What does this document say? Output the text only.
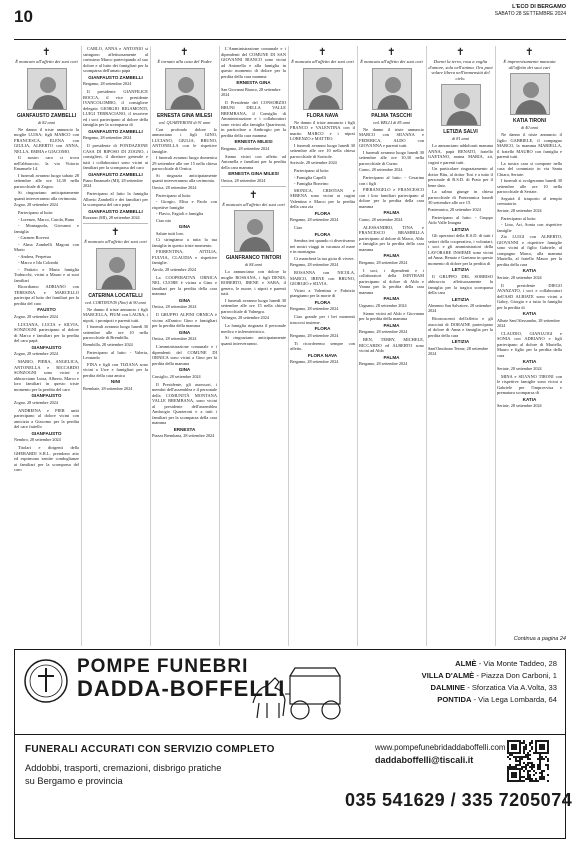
10	L'ECO DI BERGAMO
SABATO 28 SETTEMBRE 2024
✝
È mancato all'affetto dei suoi cari
GIANFAUSTO ZAMBELLI
di 82 anni
Ne danno il triste annuncio la moglie LUISA; figli MARCO con FRANCESCA, ELENA con GIULIA, ALBERTO con ANNA, NELLA, EMMA e GIACOMO.
Il nostro caro ci trova nell'abbraccio, la via Vittorio Emanuele 14.
I funerali avranno luogo sabato 28 settembre alle ore 14,30 nella parrocchiale di Zogno.
Si ringraziano anticipatamente quanti interverranno alla cerimonia.
Zogno, 28 settembre 2024
Partecipano al lutto:
- Lorenzo, Marco, Carola, Rana
- Montagnola, Giovanni e famiglia
- Carmen Roversi
- Alma Zambelli Magoni con Mario
- Andrea, Perpetua
- Marco e Ida Colombi
- Pattizio e Maria famiglia Trabucchi, vicini a Mauro e ai suoi familiari
Ricordiamo ADRIANO con TERESINA e MARCELLO partecipa al lutto dei familiari per la perdita del caro
FAUSTO
Zogno, 28 settembre 2024
LUCIANA, LUCIA e SILVIA, SONZOGNI partecipano al dolore di Marco e familiari per la perdita del caro papà
GIANFAUSTO
Zogno, 28 settembre 2024
MARIO, PIERA, ANGELICA, ANTONELLA e RICCARDO SONZOGNI sono vicini e abbracciano Luisa, Alberto, Marco e loro familiari in questo triste momento per la perdita del caro
GIANFAUSTO
Zogno, 28 settembre 2024
ANDREINA e PIER uniti partecipano al dolore vicini con amicizia a Giacomo per la perdita del caro fratello
GIANFAUSTO
Nembro, 28 settembre 2024
Titolari e dirigenti della GHERARDI S.R.L. prendono atto ed esprimono sentite condoglianze ai familiari per la scomparsa del caro
CARLO, ANNA e ANTONIO si stringono affettuosamente al carissimo Marco partecipando al suo dolore e al lutto dei famigliari per la scomparsa dell'amato papà
GIANFAUSTO ZAMBELLI
Bergamo, 28 settembre 2024
Il presidente GIANFILICE BOCCA, il vice presidente IVANCOLOMBO, il consigliere delegato GIORGIO RIGAMONTI, LUIGI TERRACIANO, il tesoriere ed i soci partecipano al dolore della famiglia per la scomparsa di
GIANFAUSTO ZAMBELLI
Bergamo, 28 settembre 2024
Il presidente di FONDAZIONE CASA DI RIPOSO DI ZOGNO, i consiglieri, il direttore generale e tutti i collaboratori sono vicini ai familiari per la scomparsa del caro
GIANFAUSTO ZAMBELLI
Piano Emanuele (MI), 28 settembre 2024
Partecipano al lutto la famiglia Alberto Zambelli e dei familiari per la scomparsa del caro papà
GIANFAUSTO ZAMBELLI
Rozzano (MI), 28 settembre 2024
✝
È mancato all'affetto dei suoi cari
CATERINA LOCATELLI
ved. CORTINOVIS (Nini) di 90 anni
Ne danno il triste annuncio i figli MARCELLA, PIUM con LAURA, i nipoti, i pronipoti e parenti tutti.
I funerali avranno luogo lunedì 30 settembre alle ore 10 nella parrocchiale di Brembilla.
Brembilla, 28 settembre 2024
Partecipano al lutto: - Valeria, Leonardo
FINA e figli con TIZIANA sono vicini a Uwe e famigliari per la perdita della cara amica
NINI
Brembate, 28 settembre 2024
✝
È tornato alla casa del Padre
ERNESTA GINA MILESI
ved. QUARTERONI di 91 anni
Con profondo dolore lo annunciano i figli GINO, LUCIANO, GIULIA, BRUNO, ANTONELLA con le rispettive famiglie.
I funerali avranno luogo domenica 29 settembre alle ore 15 nella chiesa parrocchiale di Ornica.
Si ringrazia anticipatamente quanti interverranno alla cerimonia.
Ornica, 28 settembre 2024
Partecipano al lutto:
- Giorgio, Elisa e Paolo con rispettive famiglie
- Flavio, Fagioli e famiglia
Ciao nia
GINA
Salute tutti loro.
Ci stringiamo a tutta la tua famiglia in questo triste momento.
FIORENTINA, ATTILIA, FULVIA, CLAUDIA e rispettive famiglie.
Airolo, 28 settembre 2024
La COOPERATIVA ORNICA NEL CUORE è vicina a Gino e familiari per la perdita della cara mamma
GINA
Ornica, 28 settembre 2024
Il GRUPPO ALPINI ORNICA è vicino all'amico Gino e famigliari per la perdita della mamma
GINA
Ornica, 28 settembre 2024
L'amministrazione comunale e i dipendenti del COMUNE DI ORNICA sono vicini a Gino per la perdita della mamma
GINA
Cassiglio, 28 settembre 2024
Il Presidente, gli assessori, i membri dell'assemblea e il personale della COMUNITÀ MONTANA VALLE BREMBANA, sono vicini al presidente dell'assemblea Ambrogio Quarteroni e a tutti i familiari per la scomparsa della cara mamma
ERNESTA
Piazza Brembana, 28 settembre 2024
L'Amministrazione comunale e i dipendenti del COMUNE DI SAN GIOVANNI BIANCO sono vicini ad Antonella e alla famiglia in questo momento di dolore per la perdita della cara mamma
ERNESTA GINA
San Giovanni Bianco, 28 settembre 2024
Il Presidente del CONSORZIO BRUNI DELLA VALLE BREMBANA, il Consiglio di Amministrazione e i collaboratori sono vicini alla famiglia Quarteroni, in particolare a Ambrogio per la perdita della cara mamma
ERNESTA MILESI
Bergamo, 28 settembre 2024
Siamo vicini con affetto ad Antonella e familiari per la perdita della cara mamma
ERNESTA GINA MILESI
Ornica, 28 settembre 2024
✝
È mancato all'affetto dei suoi cari
GIANFRANCO TINTORI
di 84 anni
Lo annunciano con dolore la moglie ROSSANA, i figli DENIS, ROBERTO, IRENE e SARA, il genero, le nuore, i nipoti e parenti tutti.
I funerali avranno luogo lunedì 30 settembre alle ore 15 nella chiesa parrocchiale di Valnegra.
Valnegra, 28 settembre 2024
La famiglia ringrazia il personale medico e infermieristico.
Si ringraziano anticipatamente quanti interverranno.
✝
È mancata all'affetto dei suoi cari
FLORA NAVA
Ne danno il triste annuncio i figli FRANCO e VALENTINA con il marito MARCO e i nipoti LORENZO e MATTEO.
I funerali avranno luogo lunedì 30 settembre alle ore 10 nella chiesa parrocchiale di Sorisole.
Sorisole, 28 settembre 2024
Partecipano al lutto:
- Famiglia Capelli
- Famiglia Bonvino
MONICA, CRISTIAN e SERENA sono vicini ai cugini Valentina e Marco per la perdita della cara zia
FLORA
Bergamo, 28 settembre 2024
Ciao
FLORA
Sembra ieri quando ci divertivamo nei nostri viaggi in vacanza al mare e in montagna.
Ci mancherà la tua gioia di vivere.
Bergamo, 28 settembre 2024
ROSANNA con NICOLA, MARCO, IRENE con BRUNO, GIORGIO e SILVIA.
Vicini a Valentina e Fabrizio piangiamo per la morte di
FLORA
Bergamo, 28 settembre 2024
Ciao grande per i bei momenti trascorsi insieme.
FLORA
Bergamo, 28 settembre 2024
Ti ricorderemo sempre con affetto.
FLORA NAVA
Bergamo, 28 settembre 2024
✝
È mancata all'affetto dei suoi cari
PALMA TASCCHI
ved. BELLI di 85 anni
Ne danno il triste annuncio MARCO con SILVANA e FEDERICA, ALDO con GIOVANNA e parenti tutti.
I funerali avranno luogo lunedì 30 settembre alle ore 10,30 nella parrocchiale di Curno.
Curno, 28 settembre 2024
Partecipano al lutto: - Cesarina con i figli
PIERANGELO e FRANCESCO con i loro familiari partecipano al dolore per la perdita della cara mamma
PALMA
Curno, 28 settembre 2024
ALESSANDRO, TINA e FRANCESCO BRAMBILLA partecipano al dolore di Marco, Aldo e famiglia per la perdita della cara mamma
PALMA
Bergamo, 28 settembre 2024
I soci, i dipendenti e i collaboratori della ISINTRAM partecipano al dolore di Aldo e Vanna per la perdita della cara mamma
PALMA
Urgnano, 28 settembre 2024
Siamo vicini ad Aldo e Giovanna per la perdita della mamma
PALMA
Bergamo, 28 settembre 2024
BEN, TERRY, MICHELE, RICCARDO ed ALBERTO sono vicini ad Aldo
PALMA
Bergamo, 28 settembre 2024
✝
Dormi la terra, rosa a voglia d'amore, sola nell'anima. Ora puoi volare libera nell'immensità del cielo.
LETIZIA SALVI
di 81 anni
Lo annunciano addolorati mamma ANNA, papà RENATO, fratello GAETANO, nonna MARIA, zii, cugini e parenti tutti.
Un particolare ringraziamento al dottor Bitu, al dottor Tosi e a tutto il personale di R.S.D. di Prato per il bene dato.
La salma giunge in chiesa parrocchiale di Ponteranica lunedì 30 settembre alle ore 15.
Ponteranica, 28 settembre 2024
Partecipano al lutto: - Gruppo Aido Valle Imagna
LETIZIA
Gli operatori della R.S.D. di tutti i settori della cooperativa, i volontari, i soci e gli amministratori della LAVORARE INSIEME sono vicini ad Anna, Renato e Gaetano in questo momento di dolore per la perdita di
LETIZIA
Il GRUPPO DEL SORRISO abbraccia affettuosamente la famiglia per la tragica scomparsa della cara
LETIZIA
Almenno San Salvatore, 28 settembre 2024
Riconoscenti dell'affetto e gli associati di DORAINE partecipano al dolore di Anna e famiglia per la perdita della cara
LETIZIA
Sant'Omobono Terme, 28 settembre 2024
✝
È improvvisamente mancata all'affetto dei suoi cari
KATIA TIRONI
di 40 anni
Ne danno il triste annuncio il figlio GABRIELE, il compagno MARCO, la mamma MARIELLA, il fratello MAURO con famiglia e parenti tutti.
La nostra cara si compone nella casa del commiato in via Santa Chiara, Seriate.
I funerali si svolgeranno lunedì 30 settembre alle ore 10 nella parrocchiale di Seriate.
Seguirà il trasporto al tempio crematorio.
Seriate, 28 settembre 2024
Partecipano al lutto:
- Lino, Ari, Sonia con rispettive famiglie
Zio LUIGI con ALBERTO, GIOVANNI e rispettive famiglie sono vicini al figlio Gabriele, al compagno Marco, alla mamma Mariella, al fratello Mauro per la perdita della cara
KATIA
Seriate, 28 settembre 2024
Il presidente DIEGO AVANZATO, i soci e collaboratori dell'ASD ALBIATE sono vicini a Gabry, Giorgia e a tutta la famiglia per la perdita di
KATIA
Albate Sant'Alessandro, 28 settembre 2024
CLAUDIO, GIANLUIGI e SONIA con ADRIANO e figli partecipano al dolore di Mariella, Mauro e figlio per la perdita della cara
KATIA
Seriate, 28 settembre 2024
MINA e SILVANO TIRONI con le rispettive famiglie sono vicini a Gabriele per l'improvvisa e prematura scomparsa di
KATIA
Seriate, 28 settembre 2024
Continua a pagina 24
POMPE FUNEBRI
DADDA-BOFFELLI
ALMÈ - Via Monte Taddeo, 28
VILLA D'ALMÈ - Piazza Don Carboni, 1
DALMINE - Sforzatica Via A.Volta, 33
PONTIDA - Via Lega Lombarda, 64
FUNERALI ACCURATI CON SERVIZIO COMPLETO
Addobbi, trasporti, cremazioni, disbrigo pratiche
su Bergamo e provincia
www.pompefunebridaddaboffelli.com
daddaboffelli@tiscali.it
035 541629 / 335 7205074
